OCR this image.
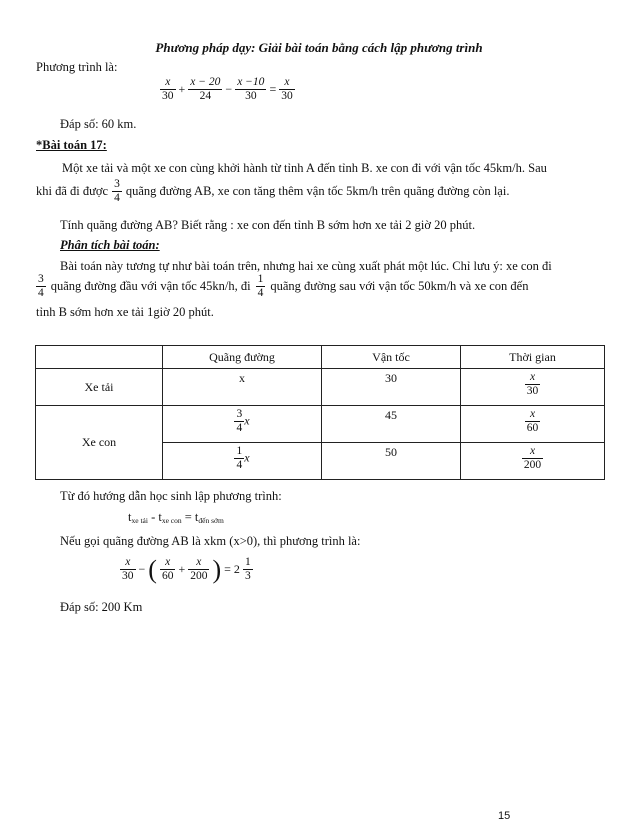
Phương pháp dạy: Giải bài toán bằng cách lập phương trình
Phương trình là:
$\frac{x}{30} + \frac{x - 20}{24} - \frac{x -10}{30} = \frac{x}{30}$
Đáp số: 60 km.
*Bài toán 17:
Một xe tải và một xe con cùng khởi hành từ tỉnh A đến tỉnh B. xe con đi với vận tốc 45km/h. Sau
khi đã đi được $\frac{3}{4}$ quãng đường AB, xe con tăng thêm vận tốc 5km/h trên quãng đường còn lại.
Tính quãng đường AB? Biết rằng : xe con đến tỉnh B sớm hơn xe tải 2 giờ 20 phút.
Phân tích bài toán:
Bài toán này tương tự như bài toán trên, nhưng hai xe cùng xuất phát một lúc. Chỉ lưu ý: xe con đi
$\frac{3}{4}$ quãng đường đầu với vận tốc 45kn/h, đi $\frac{1}{4}$ quãng đường sau với vận tốc 50km/h và xe con đến
tỉnh B sớm hơn xe tải 1giờ 20 phút.
	Quãng đường	Vận tốc	Thời gian
Xe tải	x	30	$\frac{x}{30}$

Xe con	$\frac{3}{4}$ x	45	$\frac{x}{60}$

	$\frac{1}{4}$ x	50	$\frac{x}{200}$
Từ đó hướng dẫn học sinh lập phương trình:
$t_{xe tải} - t_{xe con} = t_{đến sớm}$
Nếu gọi quãng đường AB là xkm (x>0), thì phương trình là:
$\frac{x}{30}$ − ( $\frac{x}{60} + \frac{x}{200}$ ) = $2 \frac{1}{3}$
Đáp số: 200 Km
15
